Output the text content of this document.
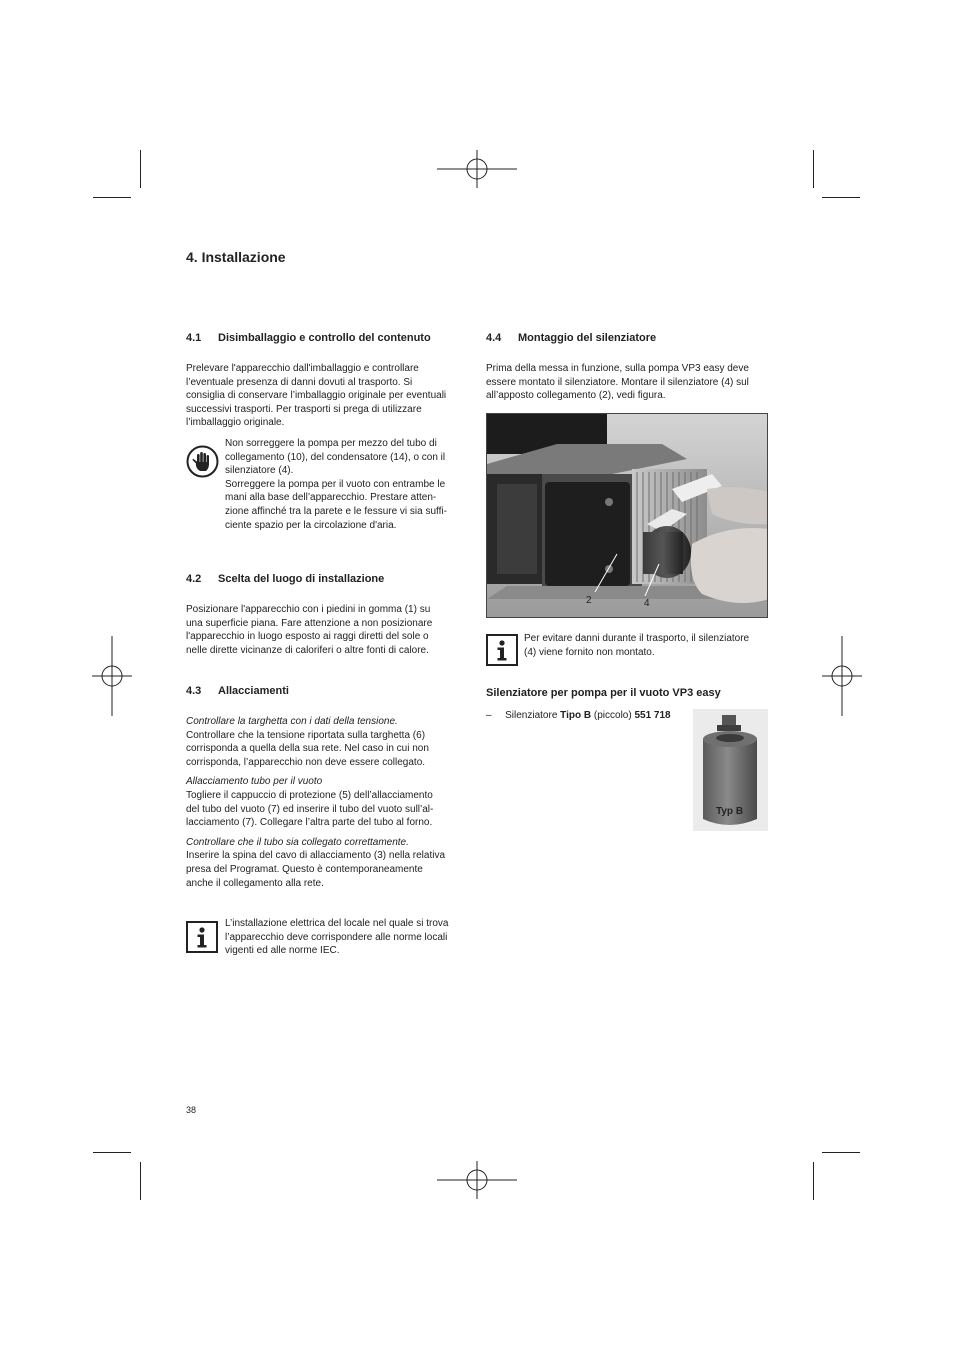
4. Installazione
4.1 Disimballaggio e controllo del contenuto
Prelevare l'apparecchio dall'imballaggio e controllare
l’eventuale presenza di danni dovuti al trasporto. Si
consiglia di conservare l’imballaggio originale per eventuali
successivi trasporti. Per trasporti si prega di utilizzare
l’imballaggio originale.
Non sorreggere la pompa per mezzo del tubo di
collegamento (10), del condensatore (14), o con il
silenziatore (4).
Sorreggere la pompa per il vuoto con entrambe le
mani alla base dell’apparecchio. Prestare atten-
zione affinché tra la parete e le fessure vi sia suffi-
ciente spazio per la circolazione d'aria.
4.2 Scelta del luogo di installazione
Posizionare l'apparecchio con i piedini in gomma (1) su
una superficie piana. Fare attenzione a non posizionare
l'apparecchio in luogo esposto ai raggi diretti del sole o
nelle dirette vicinanze di caloriferi o altre fonti di calore.
4.3 Allacciamenti
Controllare la targhetta con i dati della tensione.
Controllare che la tensione riportata sulla targhetta (6)
corrisponda a quella della sua rete. Nel caso in cui non
corrisponda, l’apparecchio non deve essere collegato.
Allacciamento tubo per il vuoto
Togliere il cappuccio di protezione (5) dell’allacciamento
del tubo del vuoto (7) ed inserire il tubo del vuoto sull’al-
lacciamento (7). Collegare l’altra parte del tubo al forno.
Controllare che il tubo sia collegato correttamente.
Inserire la spina del cavo di allacciamento (3) nella relativa
presa del Programat. Questo è contemporaneamente
anche il collegamento alla rete.
L’installazione elettrica del locale nel quale si trova
l’apparecchio deve corrispondere alle norme locali
vigenti ed alle norme IEC.
38
4.4 Montaggio del silenziatore
Prima della messa in funzione, sulla pompa VP3 easy deve
essere montato il silenziatore. Montare il silenziatore (4) sul
all’apposto collegamento (2), vedi figura.
2	4
Per evitare danni durante il trasporto, il silenziatore
(4) viene fornito non montato.
Silenziatore per pompa per il vuoto VP3 easy
– Silenziatore Tipo B (piccolo) 551 718
Typ B
